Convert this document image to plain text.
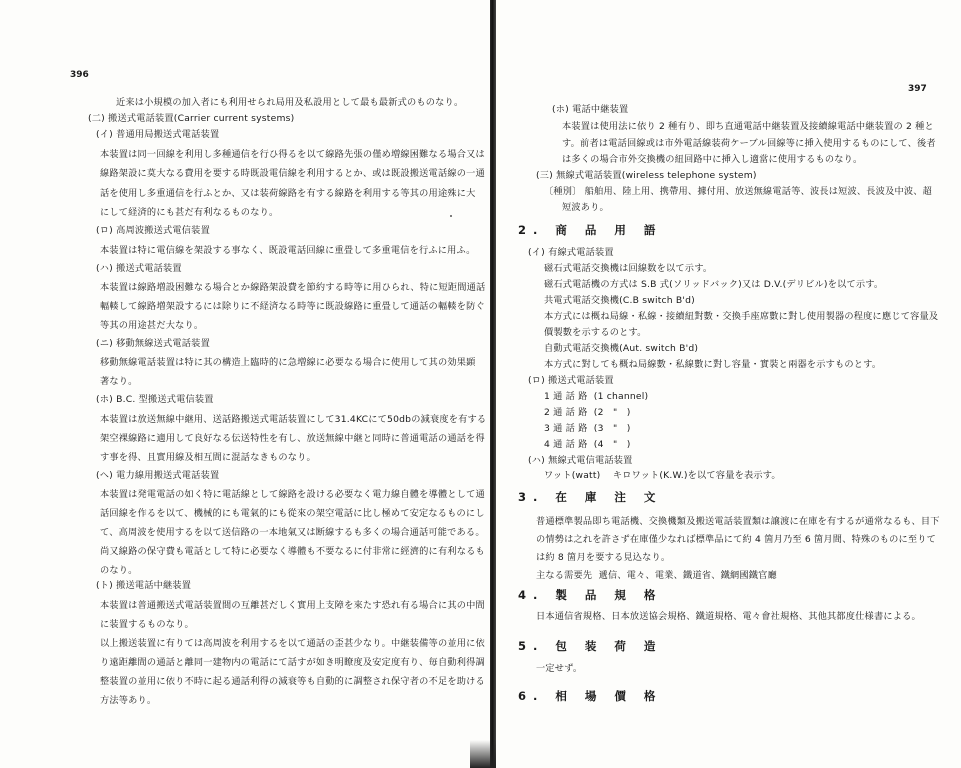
396
近来は小規模の加入者にも利用せられ局用及私設用として最も最新式のものなり。
(二) 搬送式電話装置(Carrier current systems)
(イ) 普通用局搬送式電話装置
本装置は同一回線を利用し多種通信を行ひ得るを以て線路先張の僅め増線困難なる場合又は
線路架設に莫大なる費用を要する時既設電信線を利用するとか、或は既設搬送電話線の一通
話を使用し多重通信を行ふとか、又は装荷線路を有する線路を利用する等其の用途殊に大
にして経済的にも甚だ有利なるものなり。
(ロ) 高周波搬送式電信装置
本装置は特に電信線を架設する事なく、既設電話回線に重畳して多重電信を行ふに用ふ。
(ハ) 搬送式電話装置
本装置は線路増設困難なる場合とか線路架設費を節約する時等に用ひられ、特に短距間通話
輻輳して線路増架設するには除りに不経済なる時等に既設線路に重畳して通話の輻輳を防ぐ
等其の用途甚だ大なり。
(ニ) 移動無線送式電話装置
移動無線電話装置は特に其の構造上臨時的に急増線に必要なる場合に使用して其の効果顕
著なり。
(ホ) B.C. 型搬送式電信装置
本装置は放送無線中継用、送話路搬送式電話装置にして31.4KCにて50dbの減衰度を有する
架空裸線路に適用して良好なる伝送特性を有し、放送無線中継と同時に普通電話の通話を得
す事を得、且實用線及相互間に混話なきものなり。
(ヘ) 電力線用搬送式電話装置
本装置は発電電話の如く特に電話線として線路を設ける必要なく電力線自體を導體として通
話回線を作るを以て、機械的にも電氣的にも從來の架空電話に比し極めて安定なるものにし
て、高周波を使用するを以て送信路の一本地氣又は断線するも多くの場合通話可能である。
尚又線路の保守費も電話として特に必要なく導體も不要なるに付非常に經濟的に有利なるも
のなり。
(ト) 搬送電話中継装置
本装置は普通搬送式電話装置間の互離甚だしく實用上支障を來たす恐れ有る場合に其の中間
に装置するものなり。
以上搬送装置に有りては高周波を利用するを以て通話の歪甚少なり。中継装備等の並用に依
り遠距離間の通話と離同一建物内の電話にて話すが如き明瞭度及安定度有り、毎自動利得調
整装置の並用に依り不時に起る通話利得の減衰等も自動的に調整され保守者の不足を助ける
方法等あり。
397
(ホ) 電話中継装置
本装置は使用法に依り 2 種有り、即ち直通電話中継装置及接續線電話中継装置の 2 種と
す。前者は電話回線或は市外電話線装荷ケーブル回線等に挿入使用するものにして、後者
は多くの場合市外交換機の紐回路中に挿入し適當に使用するものなり。
(三) 無線式電話装置(wireless telephone system)
〔種別〕 船舶用、陸上用、携帶用、據付用、放送無線電話等、波長は短波、長波及中波、超
短波あり。
2. 商 品 用 語
(イ) 有線式電話装置
磁石式電話交換機は回線数を以て示す。
磁石式電話機の方式は S.B 式(ソリッドバック)又は D.V.(デリビル)を以て示す。
共電式電話交換機(C.B switch B'd)
本方式には概ね局線・私線・接續紐對數・交換手座席數に對し使用製器の程度に應じて容量及
價製數を示するのとす。
自動式電話交換機(Aut. switch B'd)
本方式に對しても概ね局線數・私線數に對し容量・實裝と兩器を示すものとす。
(ロ) 搬送式電話装置
1 通 話 路  (1 channel)
2 通 話 路  (2   "   )
3 通 話 路  (3   "   )
4 通 話 路  (4   "   )
(ハ) 無線式電信電話装置
ワット(watt)    キロワット(K.W.)を以て容量を表示す。
3. 在 庫 注 文
普通標準製品即ち電話機、交換機類及搬送電話装置類は譲渡に在庫を有するが通常なるも、目下
の情勢は之れを許さず在庫僅少なれば標準品にて約 4 箇月乃至 6 箇月間、特殊のものに至りて
は約 8 箇月を要する見込なり。
主なる需要先  遞信、電々、電業、鐵道省、鐵網國鐵官廳
4. 製 品 規 格
日本通信省規格、日本放送協会規格、鐵道規格、電々會社規格、其他其都度仕様書による。
5. 包 装 荷 造
一定せず。
6. 相 場 價 格
